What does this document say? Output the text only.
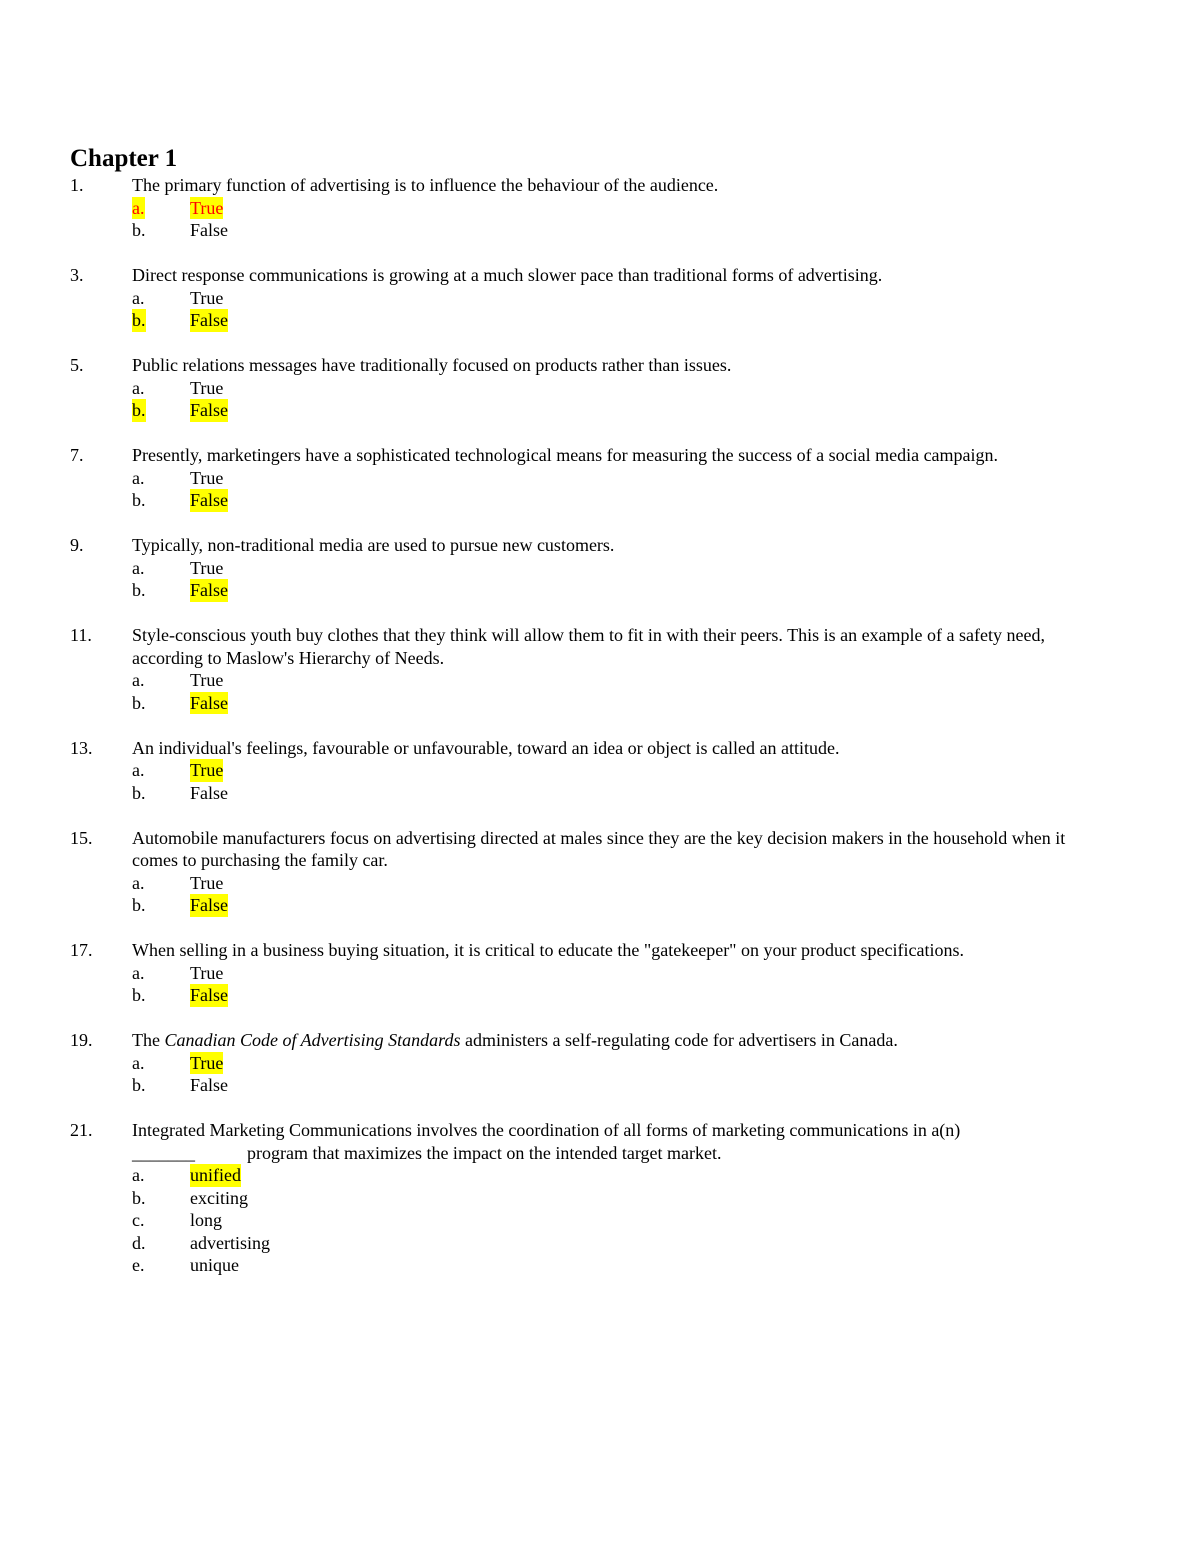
Chapter 1
1.	The primary function of advertising is to influence the behaviour of the audience.
a.	True
b. False
3.	Direct response communications is growing at a much slower pace than traditional forms of advertising.
a.	True
b. False
5.	Public relations messages have traditionally focused on products rather than issues.
a.	True
b. False
7.	Presently, marketingers have a sophisticated technological means for measuring the success of a social media campaign.
a.	True
b. False
9.	Typically, non-traditional media are used to pursue new customers.
a.	True
b. False
11. Style-conscious youth buy clothes that they think will allow them to fit in with their peers. This is an example of a safety need, according to Maslow's Hierarchy of Needs.
a.	True
b. False
13. An individual's feelings, favourable or unfavourable, toward an idea or object is called an attitude.
a.	True
b. False
15. Automobile manufacturers focus on advertising directed at males since they are the key decision makers in the household when it comes to purchasing the family car.
a.	True
b. False
17. When selling in a business buying situation, it is critical to educate the "gatekeeper" on your product specifications.
a.	True
b. False
19. The Canadian Code of Advertising Standards administers a self-regulating code for advertisers in Canada.
a.	True
b. False
21. Integrated Marketing Communications involves the coordination of all forms of marketing communications in a(n)
_______	program that maximizes the impact on the intended target market.
a.	unified
b. exciting
c.	long
d. advertising
e.	unique
